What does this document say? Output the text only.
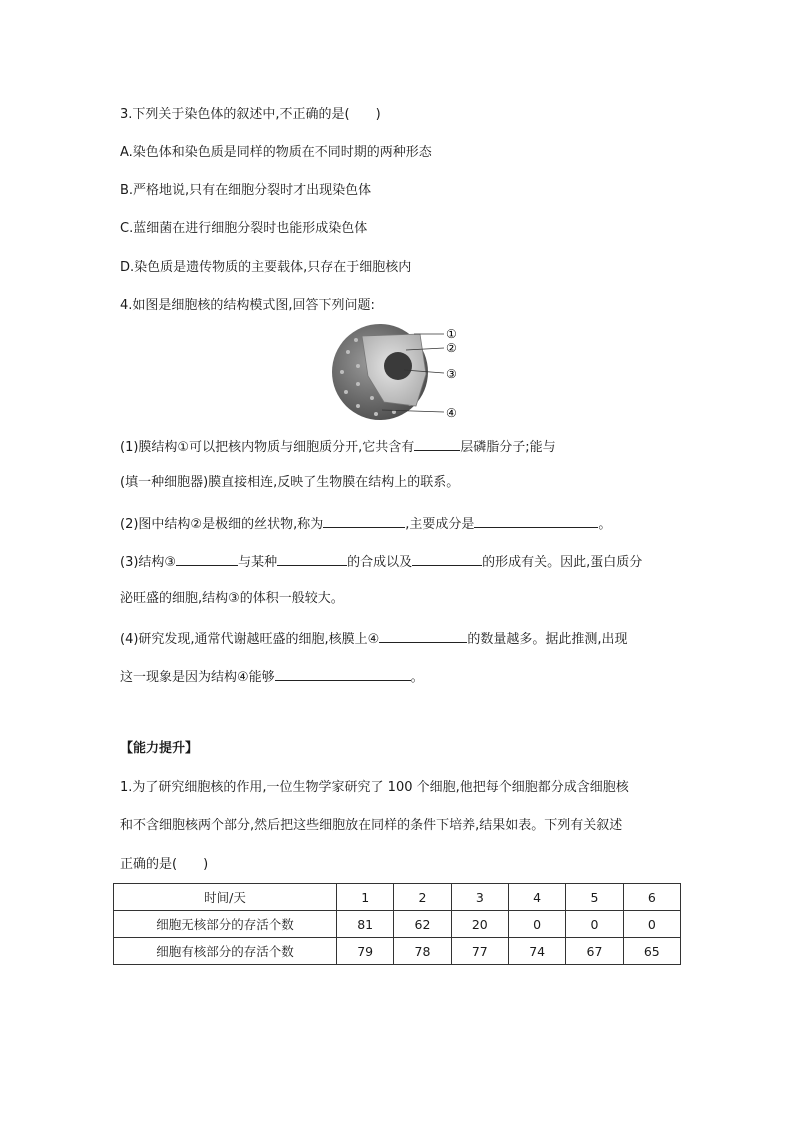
3.下列关于染色体的叙述中,不正确的是(　　)
A.染色体和染色质是同样的物质在不同时期的两种形态
B.严格地说,只有在细胞分裂时才出现染色体
C.蓝细菌在进行细胞分裂时也能形成染色体
D.染色质是遗传物质的主要载体,只存在于细胞核内
4.如图是细胞核的结构模式图,回答下列问题:
①
②
③
④
(1)膜结构①可以把核内物质与细胞质分开,它共含有	层磷脂分子;能与
(填一种细胞器)膜直接相连,反映了生物膜在结构上的联系。
(2)图中结构②是极细的丝状物,称为	,主要成分是	。
(3)结构③	与某种	的合成以及	的形成有关。因此,蛋白质分
泌旺盛的细胞,结构③的体积一般较大。
(4)研究发现,通常代谢越旺盛的细胞,核膜上④	的数量越多。据此推测,出现
这一现象是因为结构④能够	。
【能力提升】
1.为了研究细胞核的作用,一位生物学家研究了 100 个细胞,他把每个细胞都分成含细胞核
和不含细胞核两个部分,然后把这些细胞放在同样的条件下培养,结果如表。下列有关叙述
正确的是(　　)
时间/天	1	2	3	4	5	6
细胞无核部分的存活个数	81	62	20	0	0	0
细胞有核部分的存活个数	79	78	77	74	67	65
